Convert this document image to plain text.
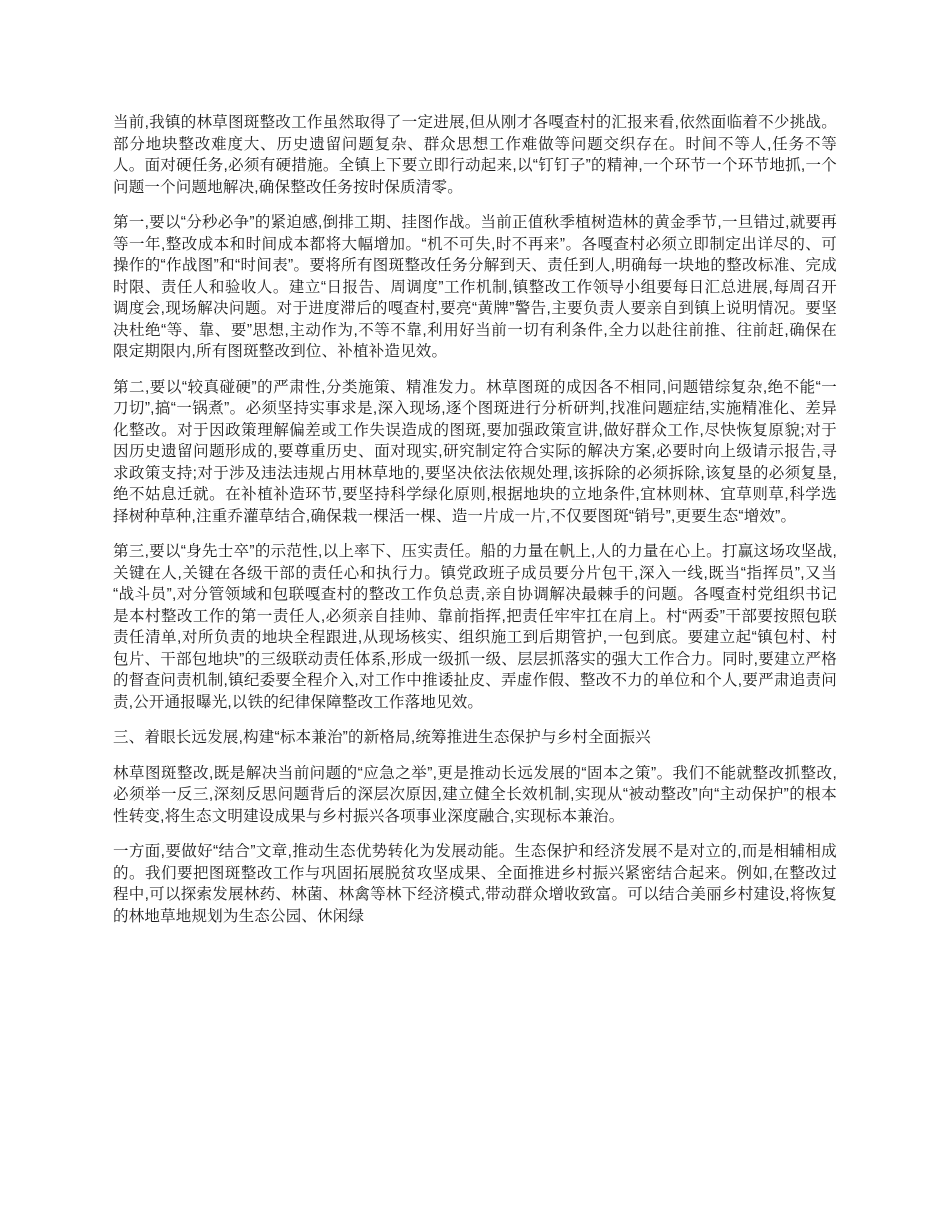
当前,我镇的林草图斑整改工作虽然取得了一定进展,但从刚才各嘎查村的汇报来看,依然面临着不少挑战。部分地块整改难度大、历史遗留问题复杂、群众思想工作难做等问题交织存在。时间不等人,任务不等人。面对硬任务,必须有硬措施。全镇上下要立即行动起来,以“钉钉子”的精神,一个环节一个环节地抓,一个问题一个问题地解决,确保整改任务按时保质清零。

第一,要以“分秒必争”的紧迫感,倒排工期、挂图作战。当前正值秋季植树造林的黄金季节,一旦错过,就要再等一年,整改成本和时间成本都将大幅增加。“机不可失,时不再来”。各嘎查村必须立即制定出详尽的、可操作的“作战图”和“时间表”。要将所有图斑整改任务分解到天、责任到人,明确每一块地的整改标准、完成时限、责任人和验收人。建立“日报告、周调度”工作机制,镇整改工作领导小组要每日汇总进展,每周召开调度会,现场解决问题。对于进度滞后的嘎查村,要亮“黄牌”警告,主要负责人要亲自到镇上说明情况。要坚决杜绝“等、靠、要”思想,主动作为,不等不靠,利用好当前一切有利条件,全力以赴往前推、往前赶,确保在限定期限内,所有图斑整改到位、补植补造见效。

第二,要以“较真碰硬”的严肃性,分类施策、精准发力。林草图斑的成因各不相同,问题错综复杂,绝不能“一刀切”,搞“一锅煮”。必须坚持实事求是,深入现场,逐个图斑进行分析研判,找准问题症结,实施精准化、差异化整改。对于因政策理解偏差或工作失误造成的图斑,要加强政策宣讲,做好群众工作,尽快恢复原貌;对于因历史遗留问题形成的,要尊重历史、面对现实,研究制定符合实际的解决方案,必要时向上级请示报告,寻求政策支持;对于涉及违法违规占用林草地的,要坚决依法依规处理,该拆除的必须拆除,该复垦的必须复垦,绝不姑息迁就。在补植补造环节,要坚持科学绿化原则,根据地块的立地条件,宜林则林、宜草则草,科学选择树种草种,注重乔灌草结合,确保栽一棵活一棵、造一片成一片,不仅要图斑“销号”,更要生态“增效”。

第三,要以“身先士卒”的示范性,以上率下、压实责任。船的力量在帆上,人的力量在心上。打赢这场攻坚战,关键在人,关键在各级干部的责任心和执行力。镇党政班子成员要分片包干,深入一线,既当“指挥员”,又当“战斗员”,对分管领域和包联嘎查村的整改工作负总责,亲自协调解决最棘手的问题。各嘎查村党组织书记是本村整改工作的第一责任人,必须亲自挂帅、靠前指挥,把责任牢牢扛在肩上。村“两委”干部要按照包联责任清单,对所负责的地块全程跟进,从现场核实、组织施工到后期管护,一包到底。要建立起“镇包村、村包片、干部包地块”的三级联动责任体系,形成一级抓一级、层层抓落实的强大工作合力。同时,要建立严格的督查问责机制,镇纪委要全程介入,对工作中推诿扯皮、弄虚作假、整改不力的单位和个人,要严肃追责问责,公开通报曝光,以铁的纪律保障整改工作落地见效。

三、着眼长远发展,构建“标本兼治”的新格局,统筹推进生态保护与乡村全面振兴

林草图斑整改,既是解决当前问题的“应急之举”,更是推动长远发展的“固本之策”。我们不能就整改抓整改,必须举一反三,深刻反思问题背后的深层次原因,建立健全长效机制,实现从“被动整改”向“主动保护”的根本性转变,将生态文明建设成果与乡村振兴各项事业深度融合,实现标本兼治。

一方面,要做好“结合”文章,推动生态优势转化为发展动能。生态保护和经济发展不是对立的,而是相辅相成的。我们要把图斑整改工作与巩固拓展脱贫攻坚成果、全面推进乡村振兴紧密结合起来。例如,在整改过程中,可以探索发展林药、林菌、林禽等林下经济模式,带动群众增收致富。可以结合美丽乡村建设,将恢复的林地草地规划为生态公园、休闲绿
